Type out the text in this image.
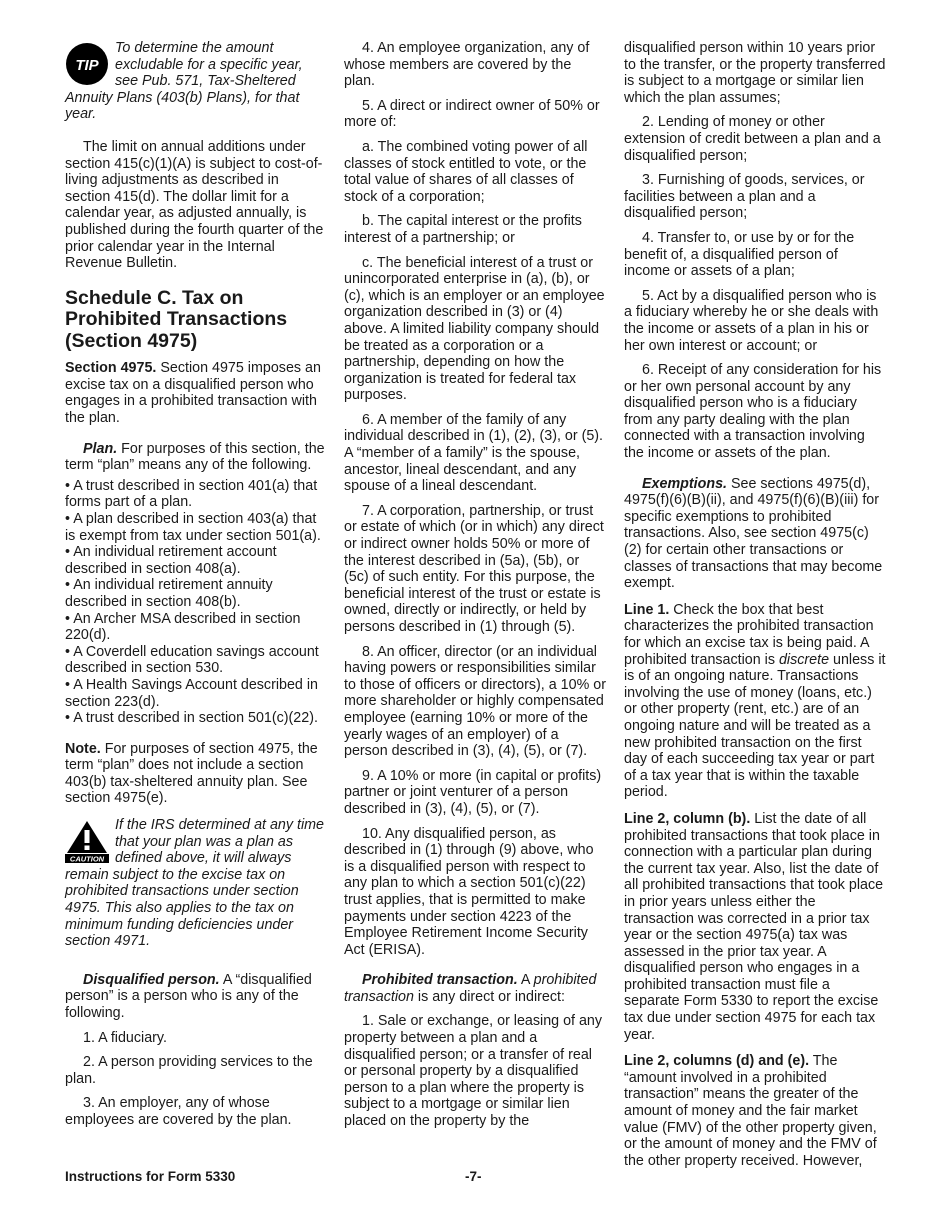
TIP
To determine the amount excludable for a specific year, see Pub. 571, Tax-Sheltered Annuity Plans (403(b) Plans), for that year.

The limit on annual additions under section 415(c)(1)(A) is subject to cost-of-living adjustments as described in section 415(d). The dollar limit for a calendar year, as adjusted annually, is published during the fourth quarter of the prior calendar year in the Internal Revenue Bulletin.

Schedule C. Tax on Prohibited Transactions (Section 4975)

Section 4975. Section 4975 imposes an excise tax on a disqualified person who engages in a prohibited transaction with the plan.

Plan. For purposes of this section, the term “plan” means any of the following.

• A trust described in section 401(a) that forms part of a plan.
• A plan described in section 403(a) that is exempt from tax under section 501(a).
• An individual retirement account described in section 408(a).
• An individual retirement annuity described in section 408(b).
• An Archer MSA described in section 220(d).
• A Coverdell education savings account described in section 530.
• A Health Savings Account described in section 223(d).
• A trust described in section 501(c)(22).

Note. For purposes of section 4975, the term “plan” does not include a section 403(b) tax-sheltered annuity plan. See section 4975(e).

CAUTION
If the IRS determined at any time that your plan was a plan as defined above, it will always remain subject to the excise tax on prohibited transactions under section 4975. This also applies to the tax on minimum funding deficiencies under section 4971.

Disqualified person. A “disqualified person” is a person who is any of the following.

1. A fiduciary.

2. A person providing services to the plan.

3. An employer, any of whose employees are covered by the plan.

4. An employee organization, any of whose members are covered by the plan.

5. A direct or indirect owner of 50% or more of:

a. The combined voting power of all classes of stock entitled to vote, or the total value of shares of all classes of stock of a corporation;

b. The capital interest or the profits interest of a partnership; or

c. The beneficial interest of a trust or unincorporated enterprise in (a), (b), or (c), which is an employer or an employee organization described in (3) or (4) above. A limited liability company should be treated as a corporation or a partnership, depending on how the organization is treated for federal tax purposes.

6. A member of the family of any individual described in (1), (2), (3), or (5). A “member of a family” is the spouse, ancestor, lineal descendant, and any spouse of a lineal descendant.

7. A corporation, partnership, or trust or estate of which (or in which) any direct or indirect owner holds 50% or more of the interest described in (5a), (5b), or (5c) of such entity. For this purpose, the beneficial interest of the trust or estate is owned, directly or indirectly, or held by persons described in (1) through (5).

8. An officer, director (or an individual having powers or responsibilities similar to those of officers or directors), a 10% or more shareholder or highly compensated employee (earning 10% or more of the yearly wages of an employer) of a person described in (3), (4), (5), or (7).

9. A 10% or more (in capital or profits) partner or joint venturer of a person described in (3), (4), (5), or (7).

10. Any disqualified person, as described in (1) through (9) above, who is a disqualified person with respect to any plan to which a section 501(c)(22) trust applies, that is permitted to make payments under section 4223 of the Employee Retirement Income Security Act (ERISA).

Prohibited transaction. A prohibited transaction is any direct or indirect:

1. Sale or exchange, or leasing of any property between a plan and a disqualified person; or a transfer of real or personal property by a disqualified person to a plan where the property is subject to a mortgage or similar lien placed on the property by the

disqualified person within 10 years prior to the transfer, or the property transferred is subject to a mortgage or similar lien which the plan assumes;

2. Lending of money or other extension of credit between a plan and a disqualified person;

3. Furnishing of goods, services, or facilities between a plan and a disqualified person;

4. Transfer to, or use by or for the benefit of, a disqualified person of income or assets of a plan;

5. Act by a disqualified person who is a fiduciary whereby he or she deals with the income or assets of a plan in his or her own interest or account; or

6. Receipt of any consideration for his or her own personal account by any disqualified person who is a fiduciary from any party dealing with the plan connected with a transaction involving the income or assets of the plan.

Exemptions. See sections 4975(d), 4975(f)(6)(B)(ii), and 4975(f)(6)(B)(iii) for specific exemptions to prohibited transactions. Also, see section 4975(c)(2) for certain other transactions or classes of transactions that may become exempt.

Line 1. Check the box that best characterizes the prohibited transaction for which an excise tax is being paid. A prohibited transaction is discrete unless it is of an ongoing nature. Transactions involving the use of money (loans, etc.) or other property (rent, etc.) are of an ongoing nature and will be treated as a new prohibited transaction on the first day of each succeeding tax year or part of a tax year that is within the taxable period.

Line 2, column (b). List the date of all prohibited transactions that took place in connection with a particular plan during the current tax year. Also, list the date of all prohibited transactions that took place in prior years unless either the transaction was corrected in a prior tax year or the section 4975(a) tax was assessed in the prior tax year. A disqualified person who engages in a prohibited transaction must file a separate Form 5330 to report the excise tax due under section 4975 for each tax year.

Line 2, columns (d) and (e). The “amount involved in a prohibited transaction” means the greater of the amount of money and the fair market value (FMV) of the other property given, or the amount of money and the FMV of the other property received. However,

Instructions for Form 5330	-7-
